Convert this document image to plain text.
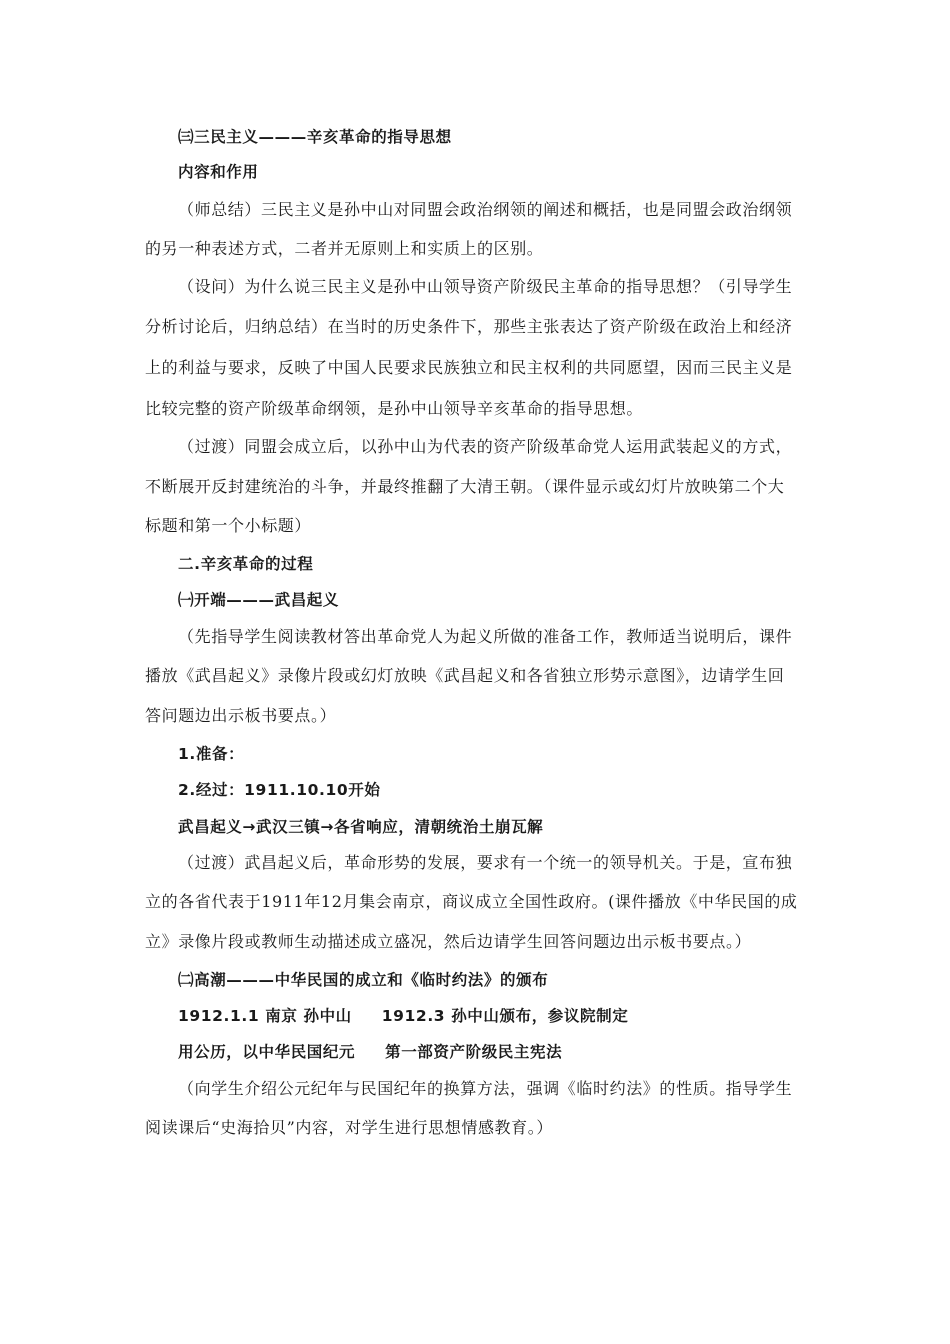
㈢三民主义———辛亥革命的指导思想
内容和作用
（师总结）三民主义是孙中山对同盟会政治纲领的阐述和概括，也是同盟会政治纲领
的另一种表述方式，二者并无原则上和实质上的区别。
（设问）为什么说三民主义是孙中山领导资产阶级民主革命的指导思想？（引导学生
分析讨论后，归纳总结）在当时的历史条件下，那些主张表达了资产阶级在政治上和经济
上的利益与要求，反映了中国人民要求民族独立和民主权利的共同愿望，因而三民主义是
比较完整的资产阶级革命纲领，是孙中山领导辛亥革命的指导思想。
（过渡）同盟会成立后，以孙中山为代表的资产阶级革命党人运用武装起义的方式，
不断展开反封建统治的斗争，并最终推翻了大清王朝。（课件显示或幻灯片放映第二个大
标题和第一个小标题）
二.辛亥革命的过程
㈠开端———武昌起义
（先指导学生阅读教材答出革命党人为起义所做的准备工作，教师适当说明后，课件
播放《武昌起义》录像片段或幻灯放映《武昌起义和各省独立形势示意图》，边请学生回
答问题边出示板书要点。）
1.准备：
2.经过：1911.10.10开始
武昌起义→武汉三镇→各省响应，清朝统治土崩瓦解
（过渡）武昌起义后，革命形势的发展，要求有一个统一的领导机关。于是，宣布独
立的各省代表于1911年12月集会南京，商议成立全国性政府。(课件播放《中华民国的成
立》录像片段或教师生动描述成立盛况，然后边请学生回答问题边出示板书要点。）
㈡高潮———中华民国的成立和《临时约法》的颁布
1912.1.1 南京 孙中山 1912.3 孙中山颁布，参议院制定
用公历，以中华民国纪元 第一部资产阶级民主宪法
（向学生介绍公元纪年与民国纪年的换算方法，强调《临时约法》的性质。指导学生
阅读课后“史海拾贝”内容，对学生进行思想情感教育。）
